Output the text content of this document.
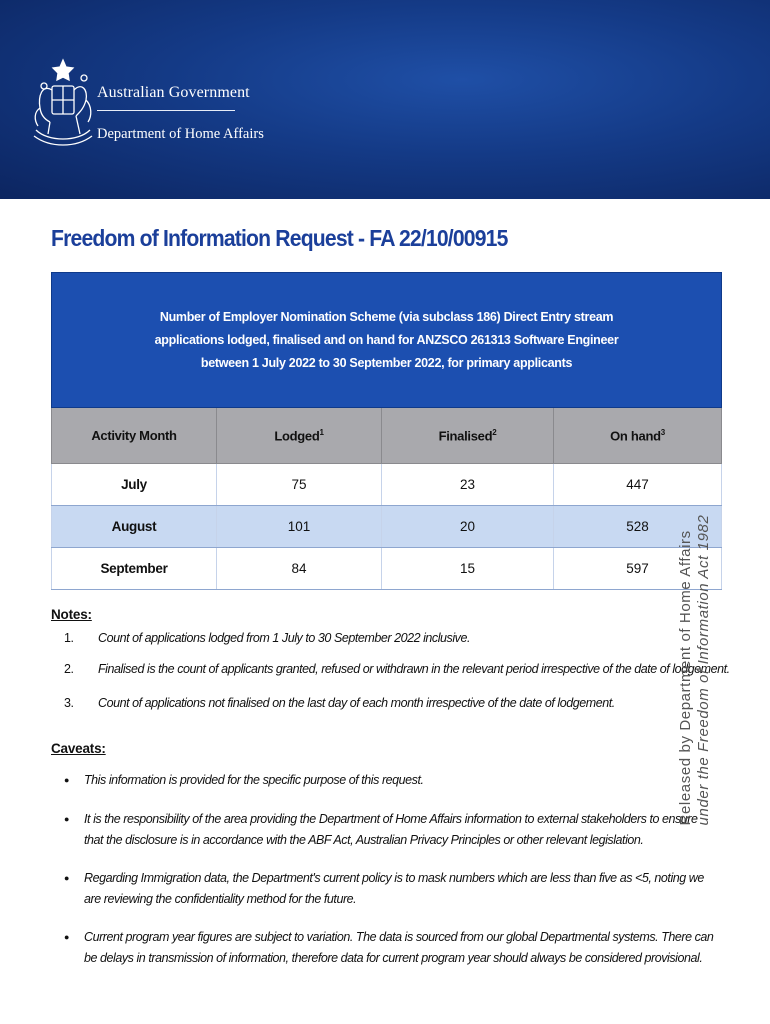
Australian Government
Department of Home Affairs
Freedom of Information Request - FA 22/10/00915
Number of Employer Nomination Scheme (via subclass 186) Direct Entry stream
applications lodged, finalised and on hand for ANZSCO 261313 Software Engineer
between 1 July 2022 to 30 September 2022, for primary applicants			

Activity Month	Lodged$^1$	Finalised$^2$	On hand$^3$
July	75	23	447
August	101	20	528
September	84	15	597

Notes:

1. Count of applications lodged from 1 July to 30 September 2022 inclusive.
2. Finalised is the count of applicants granted, refused or withdrawn in the relevant period irrespective of the date of lodgement.
3. Count of applications not finalised on the last day of each month irrespective of the date of lodgement.

Caveats:

● This information is provided for the specific purpose of this request.
● It is the responsibility of the area providing the Department of Home Affairs information to external stakeholders to ensure that the disclosure is in accordance with the ABF Act, Australian Privacy Principles or other relevant legislation.
● Regarding Immigration data, the Department's current policy is to mask numbers which are less than five as <5, noting we are reviewing the confidentiality method for the future.
● Current program year figures are subject to variation. The data is sourced from our global Departmental systems. There can be delays in transmission of information, therefore data for current program year should always be considered provisional.
Released by Department of Home Affairs under the Freedom of Information Act 1982
